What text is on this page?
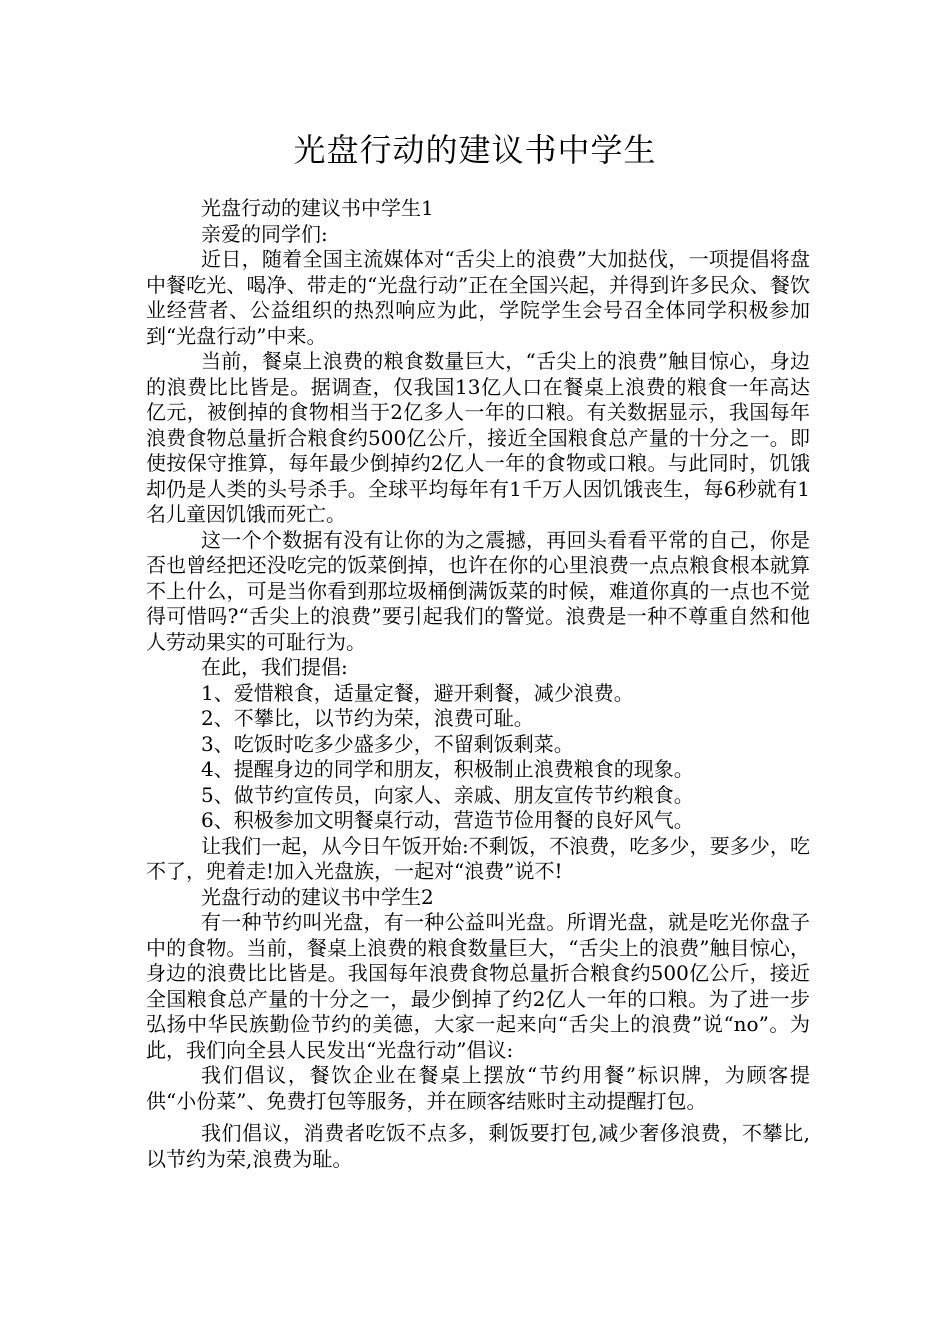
光盘行动的建议书中学生

光盘行动的建议书中学生1

亲爱的同学们:

近日，随着全国主流媒体对“舌尖上的浪费”大加挞伐，一项提倡将盘中餐吃光、喝净、带走的“光盘行动”正在全国兴起，并得到许多民众、餐饮业经营者、公益组织的热烈响应为此，学院学生会号召全体同学积极参加到“光盘行动”中来。

当前，餐桌上浪费的粮食数量巨大，“舌尖上的浪费”触目惊心，身边的浪费比比皆是。据调查，仅我国13亿人口在餐桌上浪费的粮食一年高达亿元，被倒掉的食物相当于2亿多人一年的口粮。有关数据显示，我国每年浪费食物总量折合粮食约500亿公斤，接近全国粮食总产量的十分之一。即使按保守推算，每年最少倒掉约2亿人一年的食物或口粮。与此同时，饥饿却仍是人类的头号杀手。全球平均每年有1千万人因饥饿丧生，每6秒就有1名儿童因饥饿而死亡。

这一个个数据有没有让你的为之震撼，再回头看看平常的自己，你是否也曾经把还没吃完的饭菜倒掉，也许在你的心里浪费一点点粮食根本就算不上什么，可是当你看到那垃圾桶倒满饭菜的时候，难道你真的一点也不觉得可惜吗?“舌尖上的浪费”要引起我们的警觉。浪费是一种不尊重自然和他人劳动果实的可耻行为。

在此，我们提倡:

1、爱惜粮食，适量定餐，避开剩餐，减少浪费。

2、不攀比，以节约为荣，浪费可耻。

3、吃饭时吃多少盛多少，不留剩饭剩菜。

4、提醒身边的同学和朋友，积极制止浪费粮食的现象。

5、做节约宣传员，向家人、亲戚、朋友宣传节约粮食。

6、积极参加文明餐桌行动，营造节俭用餐的良好风气。

让我们一起，从今日午饭开始:不剩饭，不浪费，吃多少，要多少，吃不了，兜着走!加入光盘族，一起对“浪费”说不!

光盘行动的建议书中学生2

有一种节约叫光盘，有一种公益叫光盘。所谓光盘，就是吃光你盘子中的食物。当前，餐桌上浪费的粮食数量巨大，“舌尖上的浪费”触目惊心，身边的浪费比比皆是。我国每年浪费食物总量折合粮食约500亿公斤，接近全国粮食总产量的十分之一，最少倒掉了约2亿人一年的口粮。为了进一步弘扬中华民族勤俭节约的美德，大家一起来向“舌尖上的浪费”说“no”。为此，我们向全县人民发出“光盘行动”倡议:

我们倡议，餐饮企业在餐桌上摆放“节约用餐”标识牌，为顾客提供“小份菜”、免费打包等服务，并在顾客结账时主动提醒打包。

我们倡议，消费者吃饭不点多，剩饭要打包,减少奢侈浪费，不攀比,以节约为荣,浪费为耻。
